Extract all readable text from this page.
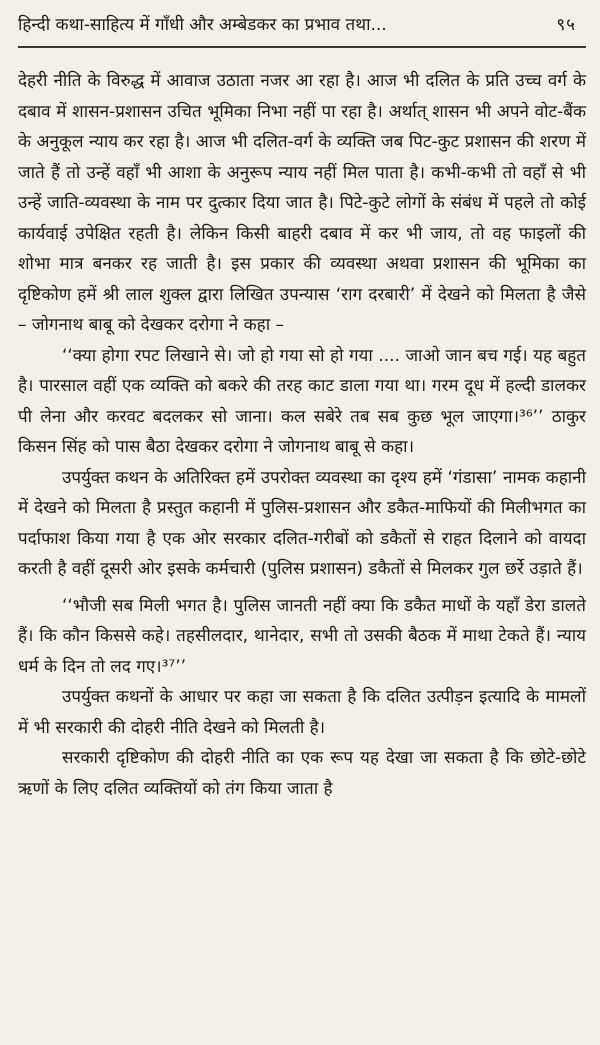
हिन्दी कथा-साहित्य में गाँधी और अम्बेडकर का प्रभाव तथा...	९५

देहरी नीति के विरुद्ध में आवाज उठाता नजर आ रहा है। आज भी दलित के प्रति उच्च वर्ग के दबाव में शासन-प्रशासन उचित भूमिका निभा नहीं पा रहा है। अर्थात् शासन भी अपने वोट-बैंक के अनुकूल न्याय कर रहा है। आज भी दलित-वर्ग के व्यक्ति जब पिट-कुट प्रशासन की शरण में जाते हैं तो उन्हें वहाँ भी आशा के अनुरूप न्याय नहीं मिल पाता है। कभी-कभी तो वहाँ से भी उन्हें जाति-व्यवस्था के नाम पर दुत्कार दिया जात है। पिटे-कुटे लोगों के संबंध में पहले तो कोई कार्यवाई उपेक्षित रहती है। लेकिन किसी बाहरी दबाव में कर भी जाय, तो वह फाइलों की शोभा मात्र बनकर रह जाती है। इस प्रकार की व्यवस्था अथवा प्रशासन की भूमिका का दृष्टिकोण हमें श्री लाल शुक्ल द्वारा लिखित उपन्यास ‘राग दरबारी’ में देखने को मिलता है जैसे – जोगनाथ बाबू को देखकर दरोगा ने कहा –

‘‘क्या होगा रपट लिखाने से। जो हो गया सो हो गया .... जाओ जान बच गई। यह बहुत है। पारसाल वहीं एक व्यक्ति को बकरे की तरह काट डाला गया था। गरम दूध में हल्दी डालकर पी लेना और करवट बदलकर सो जाना। कल सबेरे तब सब कुछ भूल जाएगा।³⁶’’ ठाकुर किसन सिंह को पास बैठा देखकर दरोगा ने जोगनाथ बाबू से कहा।

उपर्युक्त कथन के अतिरिक्त हमें उपरोक्त व्यवस्था का दृश्य हमें ‘गंडासा’ नामक कहानी में देखने को मिलता है प्रस्तुत कहानी में पुलिस-प्रशासन और डकैत-माफियों की मिलीभगत का पर्दाफाश किया गया है एक ओर सरकार दलित-गरीबों को डकैतों से राहत दिलाने को वायदा करती है वहीं दूसरी ओर इसके कर्मचारी (पुलिस प्रशासन) डकैतों से मिलकर गुल छर्रे उड़ाते हैं।

‘‘भौजी सब मिली भगत है। पुलिस जानती नहीं क्या कि डकैत माधों के यहाँ डेरा डालते हैं। कि कौन किससे कहे। तहसीलदार, थानेदार, सभी तो उसकी बैठक में माथा टेकते हैं। न्याय धर्म के दिन तो लद गए।³⁷’’

उपर्युक्त कथनों के आधार पर कहा जा सकता है कि दलित उत्पीड़न इत्यादि के मामलों में भी सरकारी की दोहरी नीति देखने को मिलती है।

सरकारी दृष्टिकोण की दोहरी नीति का एक रूप यह देखा जा सकता है कि छोटे-छोटे ऋणों के लिए दलित व्यक्तियों को तंग किया जाता है
